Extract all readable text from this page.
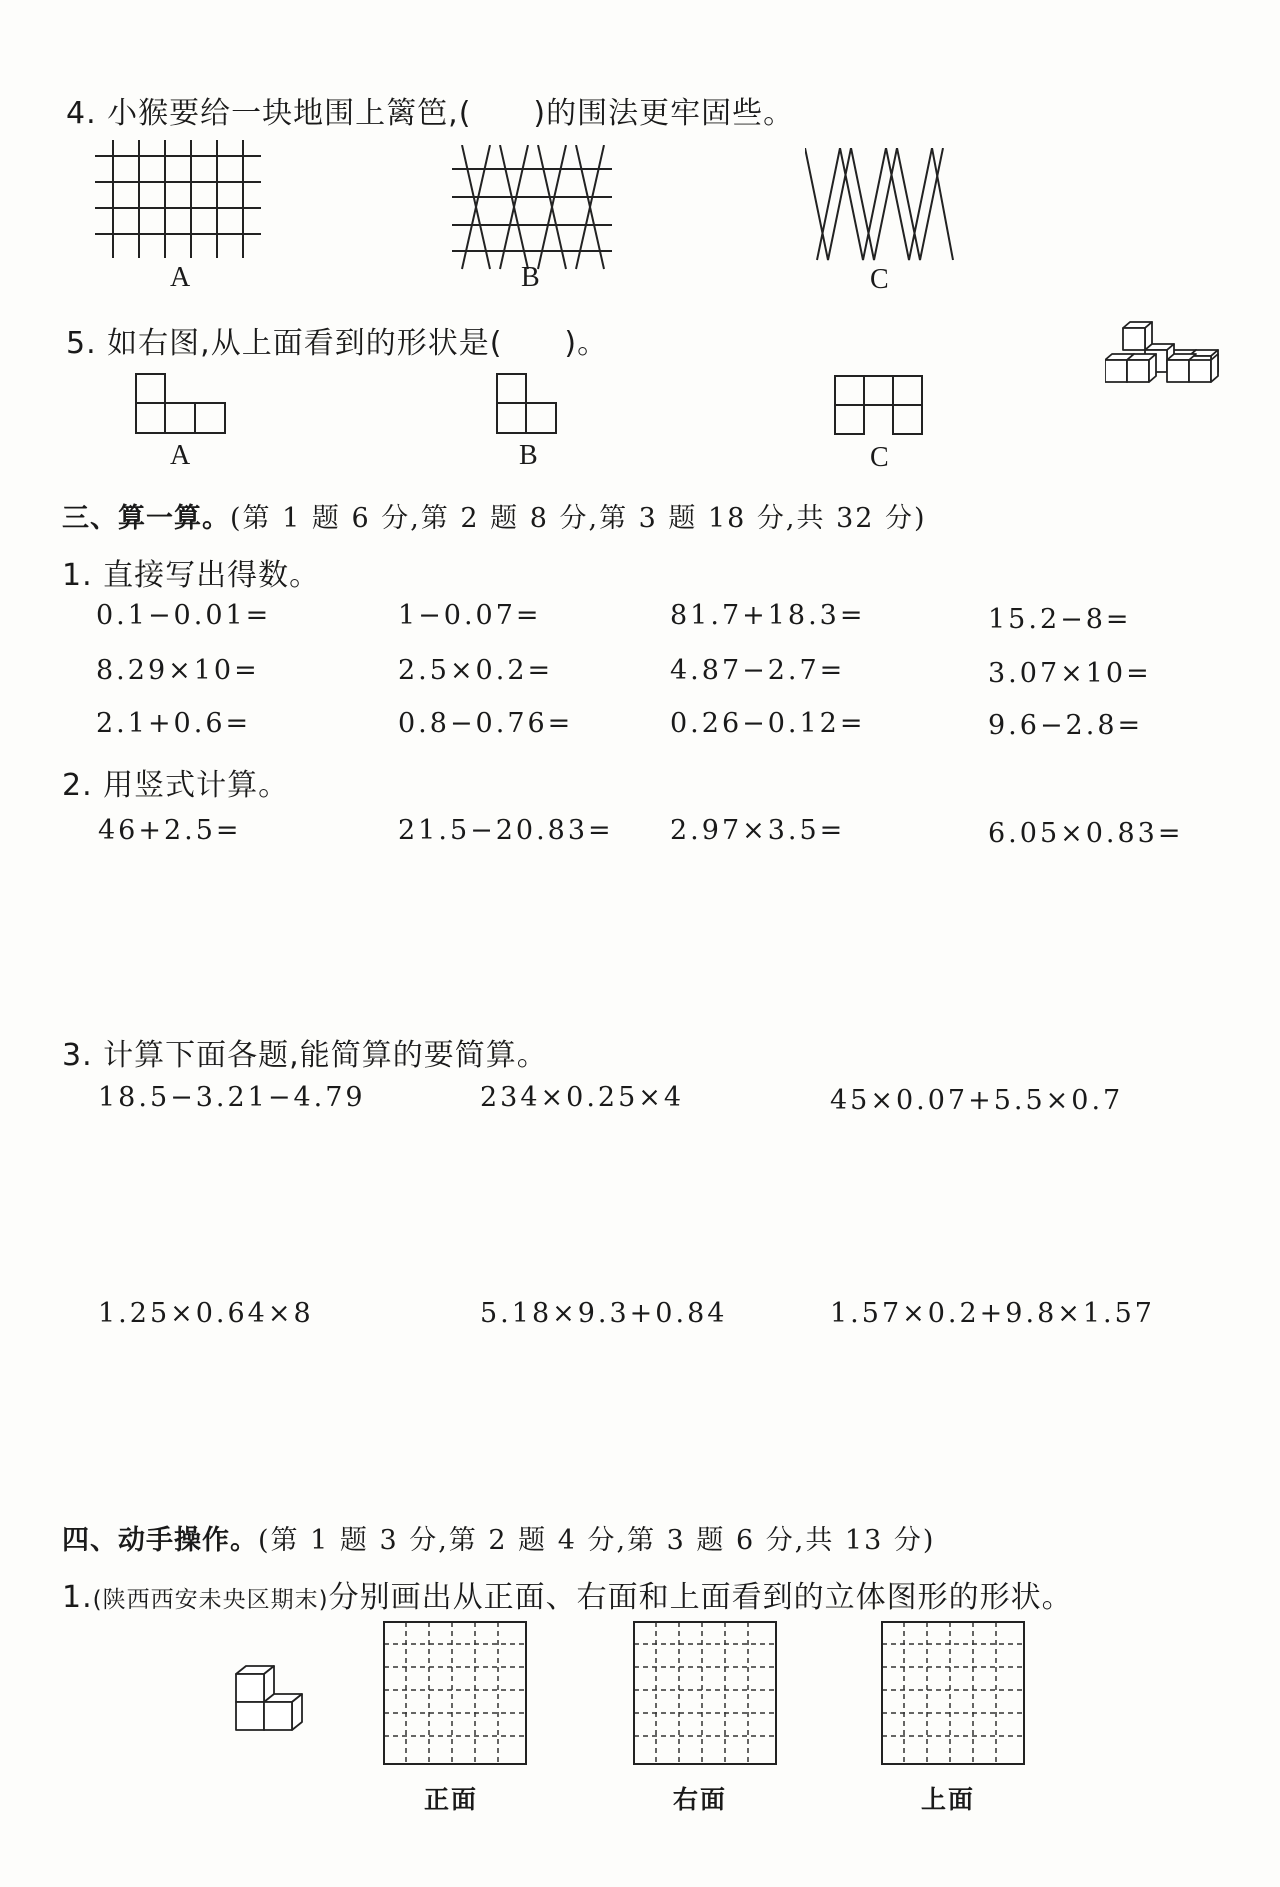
4. 小猴要给一块地围上篱笆,(　　)的围法更牢固些。
A	B	C
5. 如右图,从上面看到的形状是(　　)。
A	B	C
三、算一算。(第 1 题 6 分,第 2 题 8 分,第 3 题 18 分,共 32 分)
1. 直接写出得数。
0.1−0.01=	1−0.07=	81.7+18.3=	15.2−8=
8.29×10=	2.5×0.2=	4.87−2.7=	3.07×10=
2.1+0.6=	0.8−0.76=	0.26−0.12=	9.6−2.8=
2. 用竖式计算。
46+2.5=	21.5−20.83= 2.97×3.5=	6.05×0.83=
3. 计算下面各题,能简算的要简算。
18.5−3.21−4.79	234×0.25×4	45×0.07+5.5×0.7
1.25×0.64×8	5.18×9.3+0.84	1.57×0.2+9.8×1.57
四、动手操作。(第 1 题 3 分,第 2 题 4 分,第 3 题 6 分,共 13 分)
1.(陕西西安未央区期末)分别画出从正面、右面和上面看到的立体图形的形状。
正面	右面	上面
